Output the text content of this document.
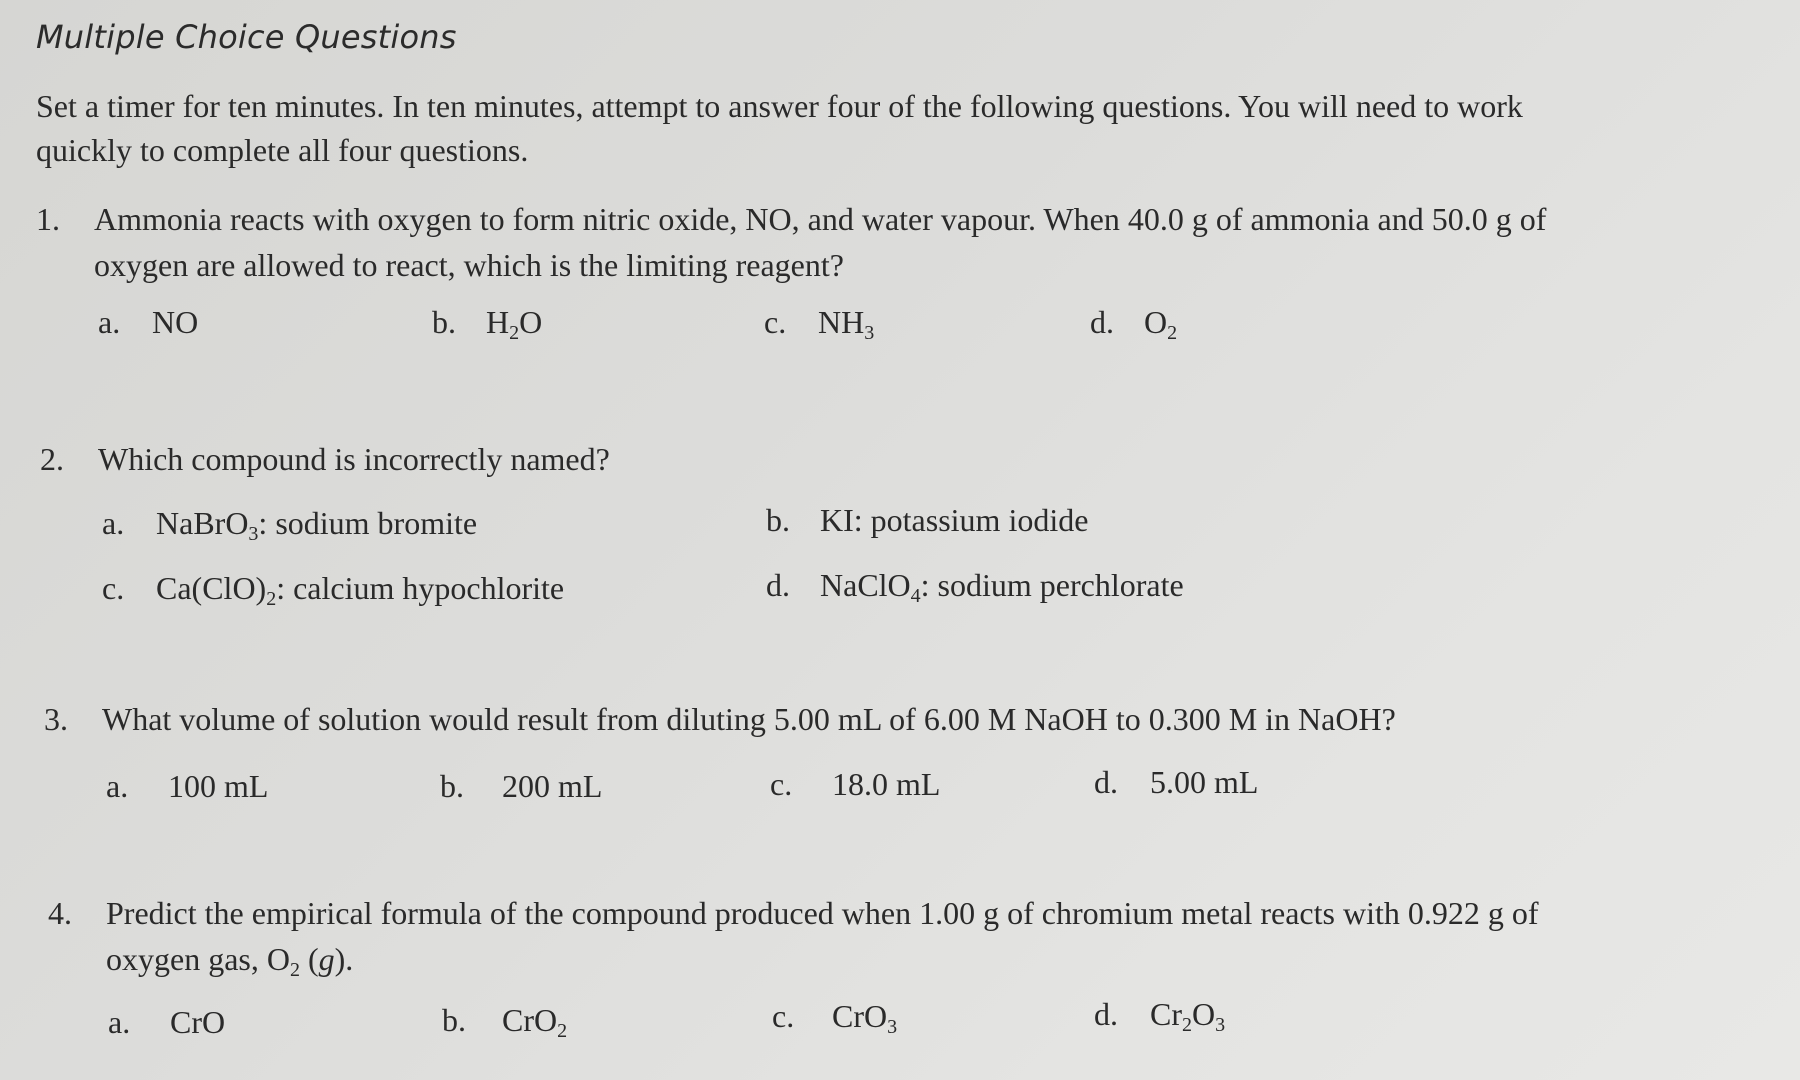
Multiple Choice Questions
Set a timer for ten minutes. In ten minutes, attempt to answer four of the following questions. You will need to work quickly to complete all four questions.
1. Ammonia reacts with oxygen to form nitric oxide, NO, and water vapour. When 40.0 g of ammonia and 50.0 g of oxygen are allowed to react, which is the limiting reagent?
a. NO	b. $H_2O$	c. $NH_3$	d. $O_2$
2. Which compound is incorrectly named?
a. NaBrO$_3$: sodium bromite	b. KI: potassium iodide
c. $Ca(ClO)_2$: calcium hypochlorite	d. NaClO$_4$: sodium perchlorate
3. What volume of solution would result from diluting 5.00 mL of 6.00 M NaOH to 0.300 M in NaOH?
a. 100 mL	b. 200 mL	c. 18.0 mL	d. 5.00 mL
4. Predict the empirical formula of the compound produced when 1.00 g of chromium metal reacts with 0.922 g of oxygen gas, $O_2$ (g).
a. CrO	b. CrO$_2$	c. CrO$_3$	d. $Cr_2O_3$
